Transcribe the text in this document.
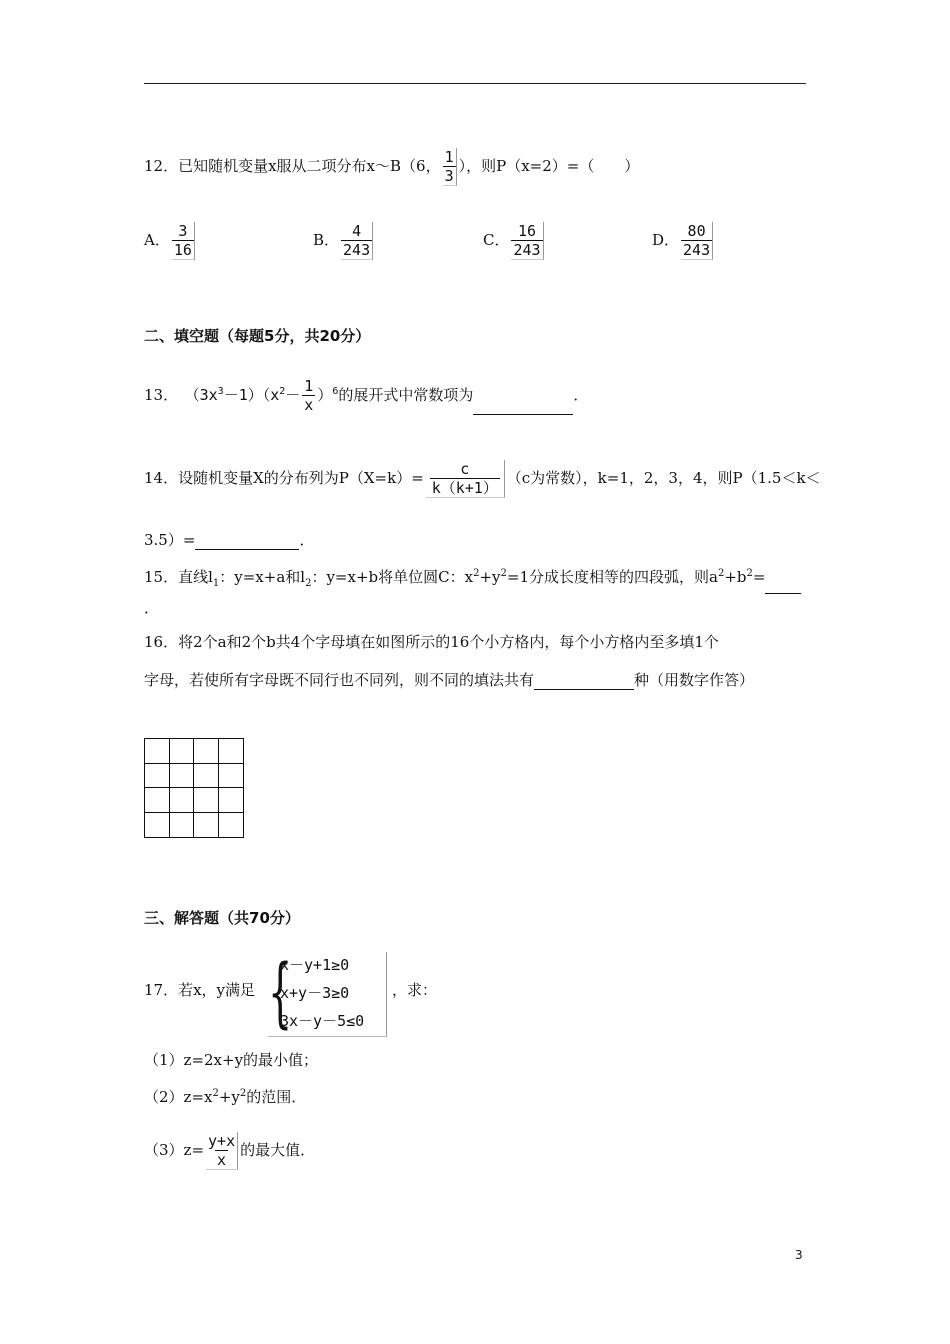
12．已知随机变量x服从二项分布x～B（6， $\frac{1}{3}$ ），则P（x=2）=（　　）
A． $\frac{3}{16}$	B． $\frac{4}{243}$	C． $\frac{16}{243}$	D． $\frac{80}{243}$
二、填空题（每题5分，共20分）
13． $(3x^3-1)(x^2- \frac{1}{x} )^6$的展开式中常数项为	．
14．设随机变量X的分布列为$P(X=k)= \frac{c}{k(k+1)} (c$为常数），k=1，2，3，4，则P（1.5＜k＜
3.5）=	．
15．直线$l_1$：y=x+a和$l_2$：y=x+b将单位圆C：$x^2+y^2=1$分成长度相等的四段弧，则$a^2+b^2=$
．
16．将2个a和2个b共4个字母填在如图所示的16个小方格内，每个小方格内至多填1个
字母，若使所有字母既不同行也不同列，则不同的填法共有	种（用数字作答）
三、解答题（共70分）
17．若x，y满足 {
x－y+1≥0
x+y－3≥0
3x－y－5≤0
，求：
（1）z=2x+y的最小值；
$(2)z=x^2+y^2$的范围．
$(3)z= \frac{y+x}{x}$ 的最大值．
3
